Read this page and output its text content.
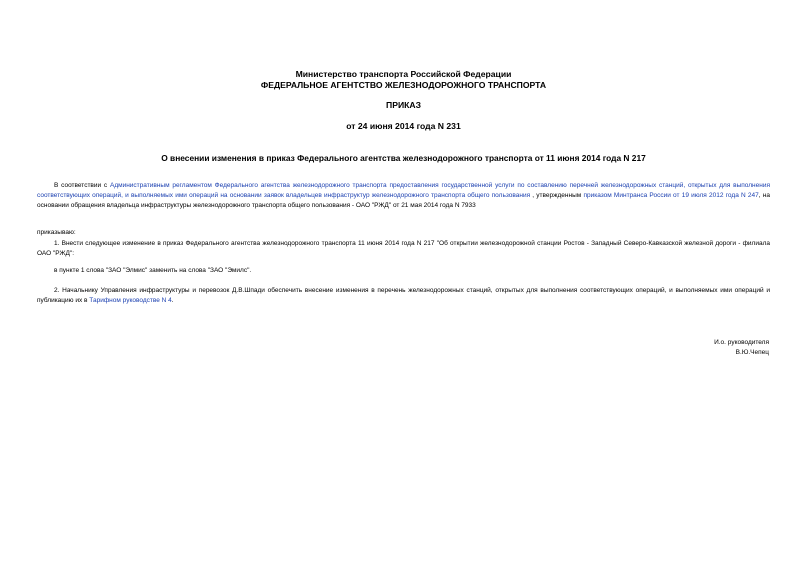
Министерство транспорта Российской Федерации
ФЕДЕРАЛЬНОЕ АГЕНТСТВО ЖЕЛЕЗНОДОРОЖНОГО ТРАНСПОРТА
ПРИКАЗ
от 24 июня 2014 года N 231
О внесении изменения в приказ Федерального агентства железнодорожного транспорта от 11 июня 2014 года N 217

В соответствии с Административным регламентом Федерального агентства железнодорожного транспорта предоставления государственной услуги по составлению перечней железнодорожных станций, открытых для выполнения соответствующих операций, и выполняемых ими операций на основании заявок владельцев инфраструктур железнодорожного транспорта общего пользования , утвержденным приказом Минтранса России от 19 июля 2012 года N 247, на основании обращения владельца инфраструктуры железнодорожного транспорта общего пользования - ОАО "РЖД" от 21 мая 2014 года N 7933

приказываю:

1. Внести следующее изменение в приказ Федерального агентства железнодорожного транспорта 11 июня 2014 года N 217 "Об открытии железнодорожной станции Ростов - Западный Северо-Кавказской железной дороги - филиала ОАО "РЖД":

в пункте 1 слова "ЗАО "Элмис" заменить на слова "ЗАО "Эмилс".

2. Начальнику Управления инфраструктуры и перевозок Д.В.Шпади обеспечить внесение изменения в перечень железнодорожных станций, открытых для выполнения соответствующих операций, и выполняемых ими операций и публикацию их в Тарифном руководстве N 4.

И.о. руководителя
В.Ю.Чепец
